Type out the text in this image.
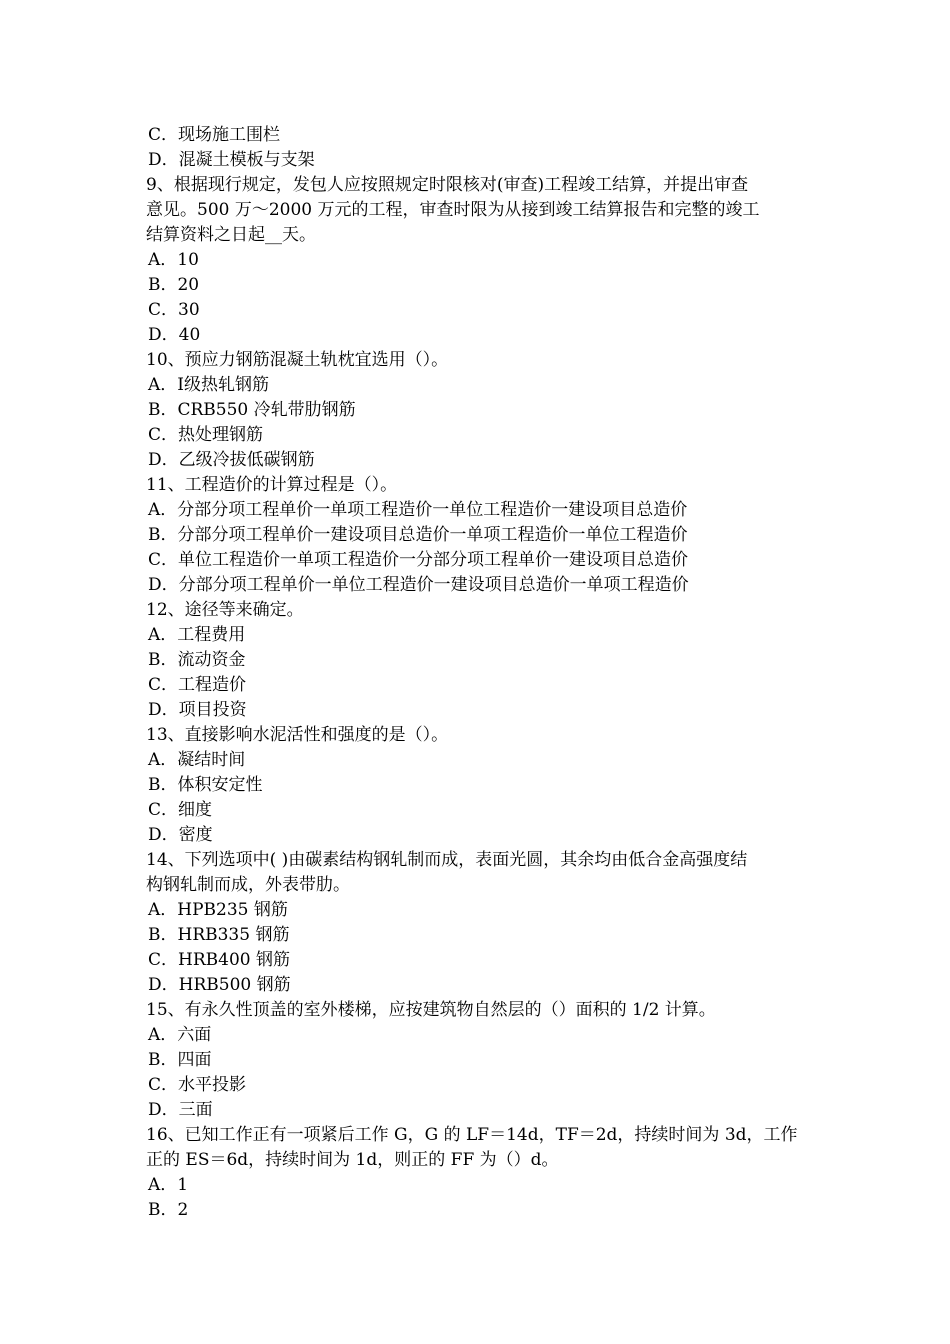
C．现场施工围栏
D．混凝土模板与支架
9、根据现行规定，发包人应按照规定时限核对(审查)工程竣工结算，并提出审查
意见。500 万～2000 万元的工程，审查时限为从接到竣工结算报告和完整的竣工
结算资料之日起__天。
A．10
B．20
C．30
D．40
10、预应力钢筋混凝土轨枕宜选用（）。
A．Ⅰ级热轧钢筋
B．CRB550 冷轧带肋钢筋
C．热处理钢筋
D．乙级冷拔低碳钢筋
11、工程造价的计算过程是（）。
A．分部分项工程单价一单项工程造价一单位工程造价一建设项目总造价
B．分部分项工程单价一建设项目总造价一单项工程造价一单位工程造价
C．单位工程造价一单项工程造价一分部分项工程单价一建设项目总造价
D．分部分项工程单价一单位工程造价一建设项目总造价一单项工程造价
12、途径等来确定。
A．工程费用
B．流动资金
C．工程造价
D．项目投资
13、直接影响水泥活性和强度的是（）。
A．凝结时间
B．体积安定性
C．细度
D．密度
14、下列选项中( )由碳素结构钢轧制而成，表面光圆，其余均由低合金高强度结
构钢轧制而成，外表带肋。
A．HPB235 钢筋
B．HRB335 钢筋
C．HRB400 钢筋
D．HRB500 钢筋
15、有永久性顶盖的室外楼梯，应按建筑物自然层的（）面积的 1/2 计算。
A．六面
B．四面
C．水平投影
D．三面
16、已知工作正有一项紧后工作 G，G 的 LF＝14d，TF＝2d，持续时间为 3d，工作
正的 ES＝6d，持续时间为 1d，则正的 FF 为（）d。
A．1
B．2
